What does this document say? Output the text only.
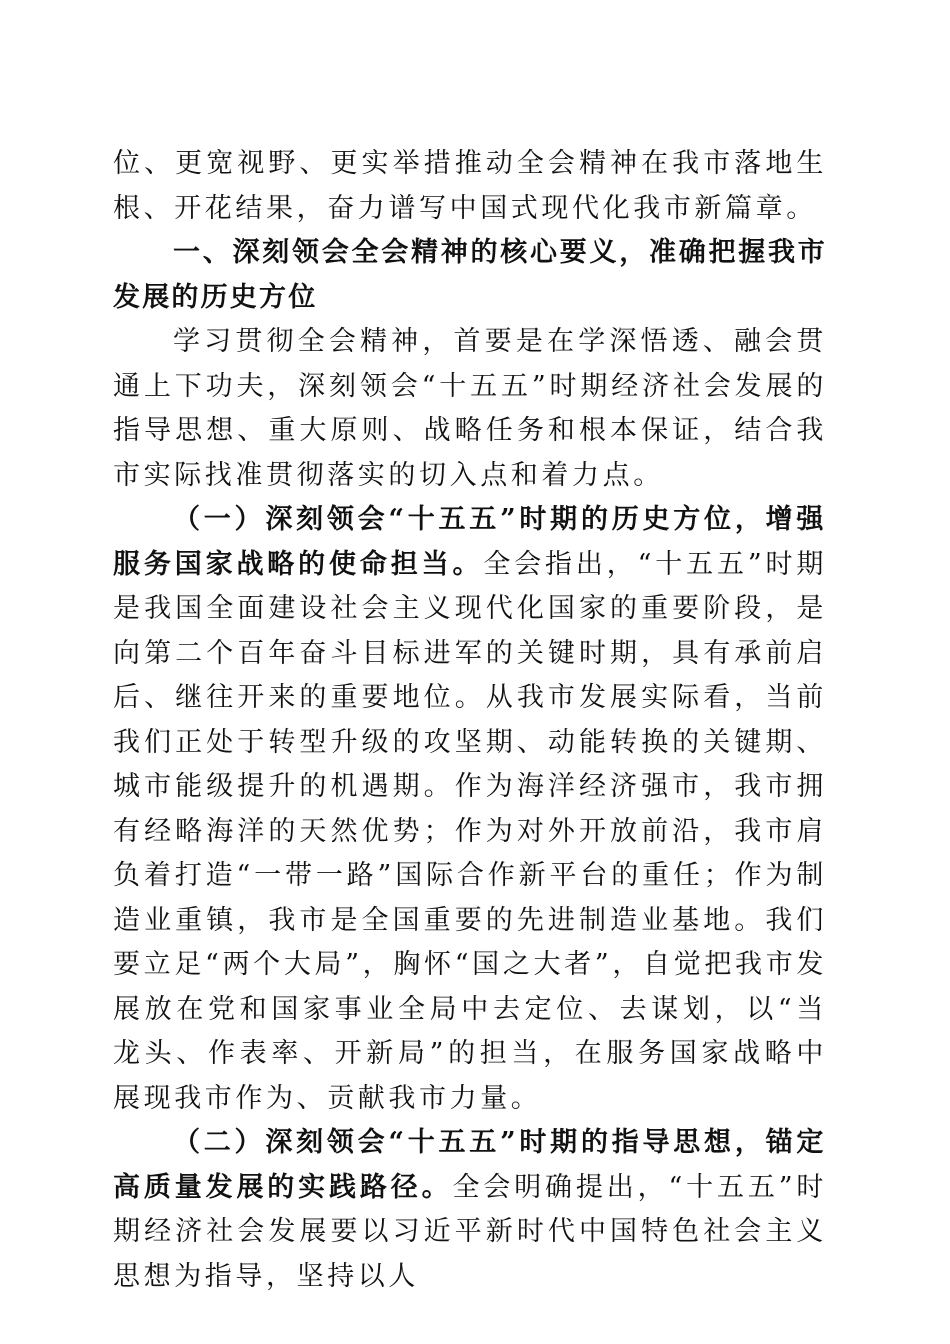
位、更宽视野、更实举措推动全会精神在我市落地生根、开花结果，奋力谱写中国式现代化我市新篇章。

一、深刻领会全会精神的核心要义，准确把握我市发展的历史方位

学习贯彻全会精神，首要是在学深悟透、融会贯通上下功夫，深刻领会“十五五”时期经济社会发展的指导思想、重大原则、战略任务和根本保证，结合我市实际找准贯彻落实的切入点和着力点。

（一）深刻领会“十五五”时期的历史方位，增强服务国家战略的使命担当。全会指出，“十五五”时期是我国全面建设社会主义现代化国家的重要阶段，是向第二个百年奋斗目标进军的关键时期，具有承前启后、继往开来的重要地位。从我市发展实际看，当前我们正处于转型升级的攻坚期、动能转换的关键期、城市能级提升的机遇期。作为海洋经济强市，我市拥有经略海洋的天然优势；作为对外开放前沿，我市肩负着打造“一带一路”国际合作新平台的重任；作为制造业重镇，我市是全国重要的先进制造业基地。我们要立足“两个大局”，胸怀“国之大者”，自觉把我市发展放在党和国家事业全局中去定位、去谋划，以“当龙头、作表率、开新局”的担当，在服务国家战略中展现我市作为、贡献我市力量。

（二）深刻领会“十五五”时期的指导思想，锚定高质量发展的实践路径。全会明确提出，“十五五”时期经济社会发展要以习近平新时代中国特色社会主义思想为指导，坚持以人
